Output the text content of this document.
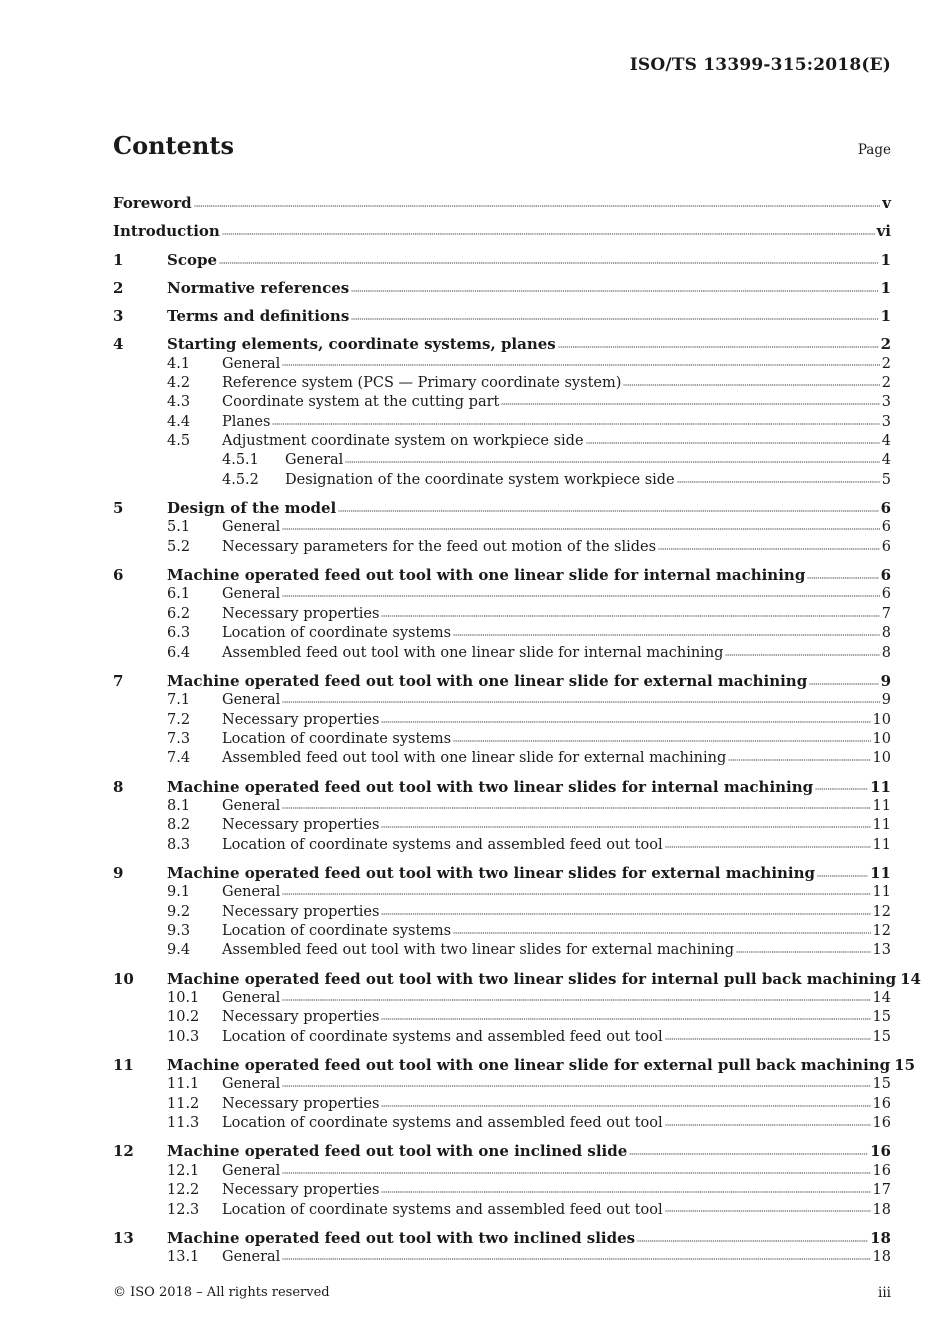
ISO/TS 13399-315:2018(E)
Contents	Page
Foreword	v
Introduction	vi
1	Scope	1
2	Normative references	1
3	Terms and definitions	1
4	Starting elements, coordinate systems, planes	2
4.1	General	2
4.2	Reference system (PCS — Primary coordinate system)	2
4.3	Coordinate system at the cutting part	3
4.4	Planes	3
4.5	Adjustment coordinate system on workpiece side	4
4.5.1	General	4
4.5.2	Designation of the coordinate system workpiece side	5
5	Design of the model	6
5.1	General	6
5.2	Necessary parameters for the feed out motion of the slides	6
6	Machine operated feed out tool with one linear slide for internal machining	6
6.1	General	6
6.2	Necessary properties	7
6.3	Location of coordinate systems	8
6.4	Assembled feed out tool with one linear slide for internal machining	8
7	Machine operated feed out tool with one linear slide for external machining	9
7.1	General	9
7.2	Necessary properties	10
7.3	Location of coordinate systems	10
7.4	Assembled feed out tool with one linear slide for external machining	10
8	Machine operated feed out tool with two linear slides for internal machining	11
8.1	General	11
8.2	Necessary properties	11
8.3	Location of coordinate systems and assembled feed out tool	11
9	Machine operated feed out tool with two linear slides for external machining	11
9.1	General	11
9.2	Necessary properties	12
9.3	Location of coordinate systems	12
9.4	Assembled feed out tool with two linear slides for external machining	13
10	Machine operated feed out tool with two linear slides for internal pull back machining 14
10.1	General	14
10.2	Necessary properties	15
10.3	Location of coordinate systems and assembled feed out tool	15
11	Machine operated feed out tool with one linear slide for external pull back machining 15
11.1	General	15
11.2	Necessary properties	16
11.3	Location of coordinate systems and assembled feed out tool	16
12	Machine operated feed out tool with one inclined slide	16
12.1	General	16
12.2	Necessary properties	17
12.3	Location of coordinate systems and assembled feed out tool	18
13	Machine operated feed out tool with two inclined slides	18
13.1	General	18
© ISO 2018 – All rights reserved	iii
